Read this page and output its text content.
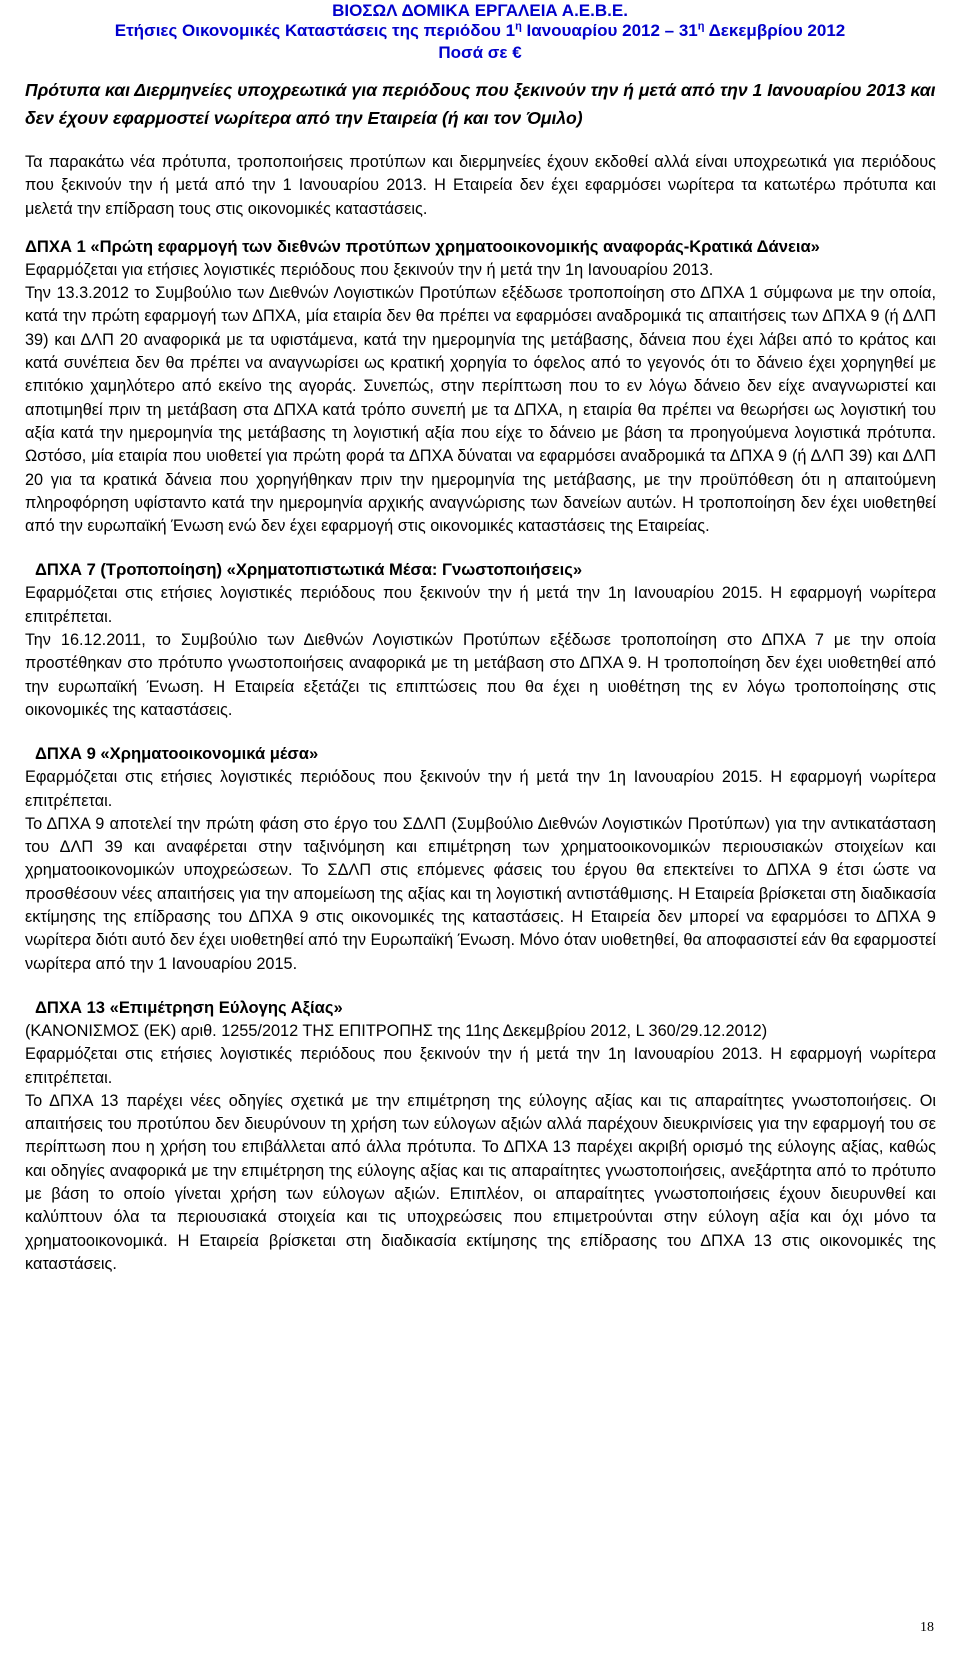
ΒΙΟΣΩΛ ΔΟΜΙΚΑ ΕΡΓΑΛΕΙΑ Α.Ε.Β.Ε.
Ετήσιες Οικονομικές Καταστάσεις της περιόδου $1^\eta$ Ιανουαρίου $2012 - 31^\eta$ Δεκεμβρίου 2012
Ποσά σε €

Πρότυπα και Διερμηνείες υποχρεωτικά για περιόδους που ξεκινούν την ή μετά από την 1 Ιανουαρίου 2013 και δεν έχουν εφαρμοστεί νωρίτερα από την Εταιρεία (ή και τον Όμιλο)

Τα παρακάτω νέα πρότυπα, τροποποιήσεις προτύπων και διερμηνείες έχουν εκδοθεί αλλά είναι υποχρεωτικά για περιόδους που ξεκινούν την ή μετά από την 1 Ιανουαρίου 2013. Η Εταιρεία δεν έχει εφαρμόσει νωρίτερα τα κατωτέρω πρότυπα και μελετά την επίδραση τους στις οικονομικές καταστάσεις.

ΔΠΧΑ 1 «Πρώτη εφαρμογή των διεθνών προτύπων χρηματοοικονομικής αναφοράς-Κρατικά Δάνεια»

Εφαρμόζεται για ετήσιες λογιστικές περιόδους που ξεκινούν την ή μετά την 1η Ιανουαρίου 2013.

Την 13.3.2012 το Συμβούλιο των Διεθνών Λογιστικών Προτύπων εξέδωσε τροποποίηση στο ΔΠΧΑ 1 σύμφωνα με την οποία, κατά την πρώτη εφαρμογή των ΔΠΧΑ, μία εταιρία δεν θα πρέπει να εφαρμόσει αναδρομικά τις απαιτήσεις των ΔΠΧΑ 9 (ή ΔΛΠ 39) και ΔΛΠ 20 αναφορικά με τα υφιστάμενα, κατά την ημερομηνία της μετάβασης, δάνεια που έχει λάβει από το κράτος και κατά συνέπεια δεν θα πρέπει να αναγνωρίσει ως κρατική χορηγία το όφελος από το γεγονός ότι το δάνειο έχει χορηγηθεί με επιτόκιο χαμηλότερο από εκείνο της αγοράς. Συνεπώς, στην περίπτωση που το εν λόγω δάνειο δεν είχε αναγνωριστεί και αποτιμηθεί πριν τη μετάβαση στα ΔΠΧΑ κατά τρόπο συνεπή με τα ΔΠΧΑ, η εταιρία θα πρέπει να θεωρήσει ως λογιστική του αξία κατά την ημερομηνία της μετάβασης τη λογιστική αξία που είχε το δάνειο με βάση τα προηγούμενα λογιστικά πρότυπα. Ωστόσο, μία εταιρία που υιοθετεί για πρώτη φορά τα ΔΠΧΑ δύναται να εφαρμόσει αναδρομικά τα ΔΠΧΑ 9 (ή ΔΛΠ 39) και ΔΛΠ 20 για τα κρατικά δάνεια που χορηγήθηκαν πριν την ημερομηνία της μετάβασης, με την προϋπόθεση ότι η απαιτούμενη πληροφόρηση υφίσταντο κατά την ημερομηνία αρχικής αναγνώρισης των δανείων αυτών. Η τροποποίηση δεν έχει υιοθετηθεί από την ευρωπαϊκή Ένωση ενώ δεν έχει εφαρμογή στις οικονομικές καταστάσεις της Εταιρείας.

ΔΠΧΑ 7 (Τροποποίηση) «Χρηματοπιστωτικά Μέσα: Γνωστοποιήσεις»

Εφαρμόζεται στις ετήσιες λογιστικές περιόδους που ξεκινούν την ή μετά την 1η Ιανουαρίου 2015. Η εφαρμογή νωρίτερα επιτρέπεται.

Την 16.12.2011, το Συμβούλιο των Διεθνών Λογιστικών Προτύπων εξέδωσε τροποποίηση στο ΔΠΧΑ 7 με την οποία προστέθηκαν στο πρότυπο γνωστοποιήσεις αναφορικά με τη μετάβαση στο ΔΠΧΑ 9. Η τροποποίηση δεν έχει υιοθετηθεί από την ευρωπαϊκή Ένωση. Η Εταιρεία εξετάζει τις επιπτώσεις που θα έχει η υιοθέτηση της εν λόγω τροποποίησης στις οικονομικές της καταστάσεις.

ΔΠΧΑ 9 «Χρηματοοικονομικά μέσα»

Εφαρμόζεται στις ετήσιες λογιστικές περιόδους που ξεκινούν την ή μετά την 1η Ιανουαρίου 2015. Η εφαρμογή νωρίτερα επιτρέπεται.

Το ΔΠΧΑ 9 αποτελεί την πρώτη φάση στο έργο του ΣΔΛΠ (Συμβούλιο Διεθνών Λογιστικών Προτύπων) για την αντικατάσταση του ΔΛΠ 39 και αναφέρεται στην ταξινόμηση και επιμέτρηση των χρηματοοικονομικών περιουσιακών στοιχείων και χρηματοοικονομικών υποχρεώσεων. Το ΣΔΛΠ στις επόμενες φάσεις του έργου θα επεκτείνει το ΔΠΧΑ 9 έτσι ώστε να προσθέσουν νέες απαιτήσεις για την απομείωση της αξίας και τη λογιστική αντιστάθμισης. Η Εταιρεία βρίσκεται στη διαδικασία εκτίμησης της επίδρασης του ΔΠΧΑ 9 στις οικονομικές της καταστάσεις. Η Εταιρεία δεν μπορεί να εφαρμόσει το ΔΠΧΑ 9 νωρίτερα διότι αυτό δεν έχει υιοθετηθεί από την Ευρωπαϊκή Ένωση. Μόνο όταν υιοθετηθεί, θα αποφασιστεί εάν θα εφαρμοστεί νωρίτερα από την 1 Ιανουαρίου 2015.

ΔΠΧΑ 13 «Επιμέτρηση Εύλογης Αξίας»

(ΚΑΝΟΝΙΣΜΟΣ (ΕΚ) αριθ. 1255/2012 ΤΗΣ ΕΠΙΤΡΟΠΗΣ της 11ης Δεκεμβρίου 2012, L 360/29.12.2012)

Εφαρμόζεται στις ετήσιες λογιστικές περιόδους που ξεκινούν την ή μετά την 1η Ιανουαρίου 2013. Η εφαρμογή νωρίτερα επιτρέπεται.

Το ΔΠΧΑ 13 παρέχει νέες οδηγίες σχετικά με την επιμέτρηση της εύλογης αξίας και τις απαραίτητες γνωστοποιήσεις. Οι απαιτήσεις του προτύπου δεν διευρύνουν τη χρήση των εύλογων αξιών αλλά παρέχουν διευκρινίσεις για την εφαρμογή του σε περίπτωση που η χρήση του επιβάλλεται από άλλα πρότυπα. Το ΔΠΧΑ 13 παρέχει ακριβή ορισμό της εύλογης αξίας, καθώς και οδηγίες αναφορικά με την επιμέτρηση της εύλογης αξίας και τις απαραίτητες γνωστοποιήσεις, ανεξάρτητα από το πρότυπο με βάση το οποίο γίνεται χρήση των εύλογων αξιών. Επιπλέον, οι απαραίτητες γνωστοποιήσεις έχουν διευρυνθεί και καλύπτουν όλα τα περιουσιακά στοιχεία και τις υποχρεώσεις που επιμετρούνται στην εύλογη αξία και όχι μόνο τα χρηματοοικονομικά. Η Εταιρεία βρίσκεται στη διαδικασία εκτίμησης της επίδρασης του ΔΠΧΑ 13 στις οικονομικές της καταστάσεις.

18
